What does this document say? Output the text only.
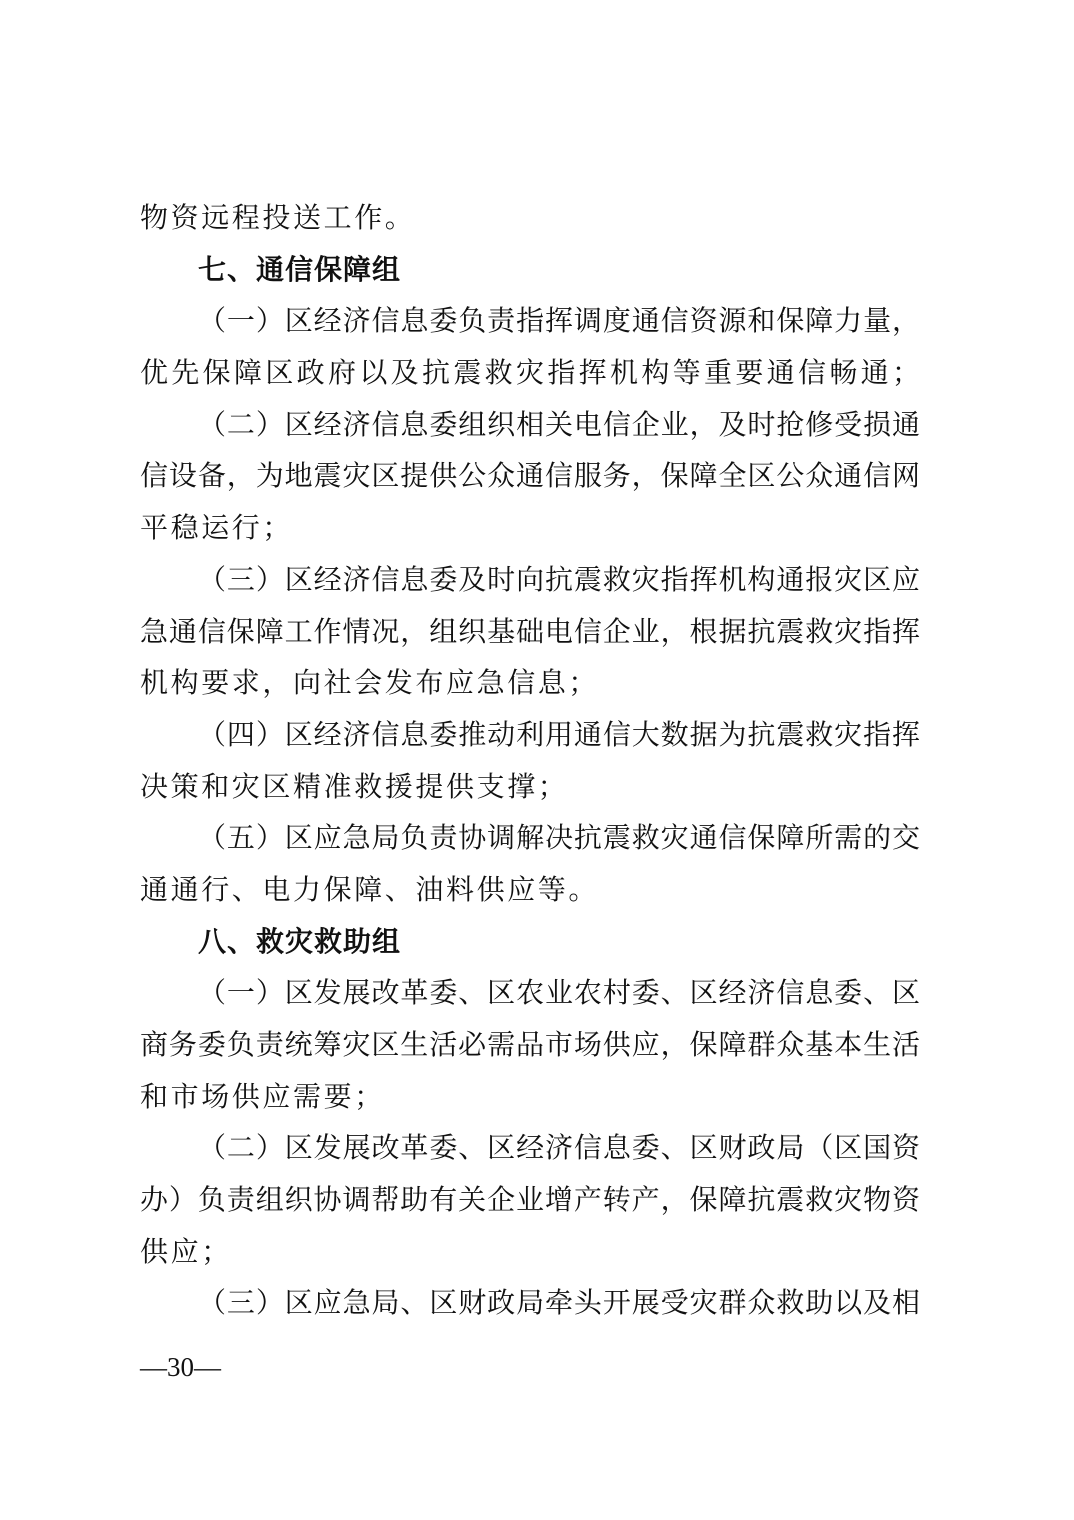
物资远程投送工作。
七、通信保障组
（一）区经济信息委负责指挥调度通信资源和保障力量，
优先保障区政府以及抗震救灾指挥机构等重要通信畅通；
（二）区经济信息委组织相关电信企业，及时抢修受损通
信设备，为地震灾区提供公众通信服务，保障全区公众通信网
平稳运行；
（三）区经济信息委及时向抗震救灾指挥机构通报灾区应
急通信保障工作情况，组织基础电信企业，根据抗震救灾指挥
机构要求，向社会发布应急信息；
（四）区经济信息委推动利用通信大数据为抗震救灾指挥
决策和灾区精准救援提供支撑；
（五）区应急局负责协调解决抗震救灾通信保障所需的交
通通行、电力保障、油料供应等。
八、救灾救助组
（一）区发展改革委、区农业农村委、区经济信息委、区
商务委负责统筹灾区生活必需品市场供应，保障群众基本生活
和市场供应需要；
（二）区发展改革委、区经济信息委、区财政局（区国资
办）负责组织协调帮助有关企业增产转产，保障抗震救灾物资
供应；
（三）区应急局、区财政局牵头开展受灾群众救助以及相
—30—
